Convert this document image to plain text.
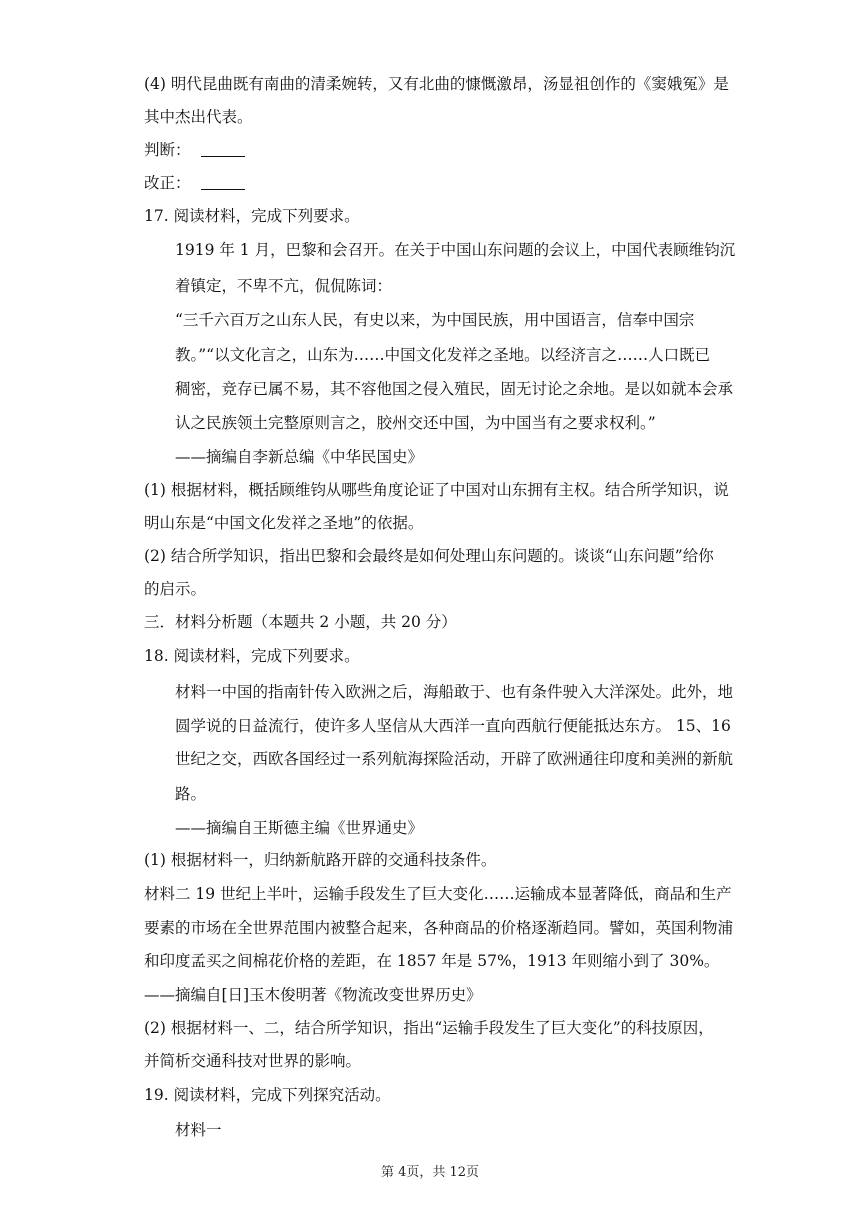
(4) 明代昆曲既有南曲的清柔婉转，又有北曲的慷慨激昂，汤显祖创作的《窦娥冤》是
其中杰出代表。
判断：
改正：
17. 阅读材料，完成下列要求。
1919 年 1 月，巴黎和会召开。在关于中国山东问题的会议上，中国代表顾维钧沉
着镇定，不卑不亢，侃侃陈词：
“三千六百万之山东人民，有史以来，为中国民族，用中国语言，信奉中国宗
教。”“以文化言之，山东为……中国文化发祥之圣地。以经济言之……人口既已
稠密，竞存已属不易，其不容他国之侵入殖民，固无讨论之余地。是以如就本会承
认之民族领土完整原则言之，胶州交还中国，为中国当有之要求权利。”
——摘编自李新总编《中华民国史》
(1) 根据材料，概括顾维钧从哪些角度论证了中国对山东拥有主权。结合所学知识，说
明山东是“中国文化发祥之圣地”的依据。
(2) 结合所学知识，指出巴黎和会最终是如何处理山东问题的。谈谈“山东问题”给你
的启示。
三．材料分析题（本题共 2 小题，共 20 分）
18. 阅读材料，完成下列要求。
材料一中国的指南针传入欧洲之后，海船敢于、也有条件驶入大洋深处。此外，地
圆学说的日益流行，使许多人坚信从大西洋一直向西航行便能抵达东方。 15、16
世纪之交，西欧各国经过一系列航海探险活动，开辟了欧洲通往印度和美洲的新航
路。
——摘编自王斯德主编《世界通史》
(1) 根据材料一，归纳新航路开辟的交通科技条件。
材料二 19 世纪上半叶，运输手段发生了巨大变化……运输成本显著降低，商品和生产
要素的市场在全世界范围内被整合起来，各种商品的价格逐渐趋同。譬如，英国利物浦
和印度孟买之间棉花价格的差距，在 1857 年是 57%，1913 年则缩小到了 30%。
——摘编自[日]玉木俊明著《物流改变世界历史》
(2) 根据材料一、二，结合所学知识，指出“运输手段发生了巨大变化”的科技原因，
并简析交通科技对世界的影响。
19. 阅读材料，完成下列探究活动。
材料一
第 4页，共 12页
